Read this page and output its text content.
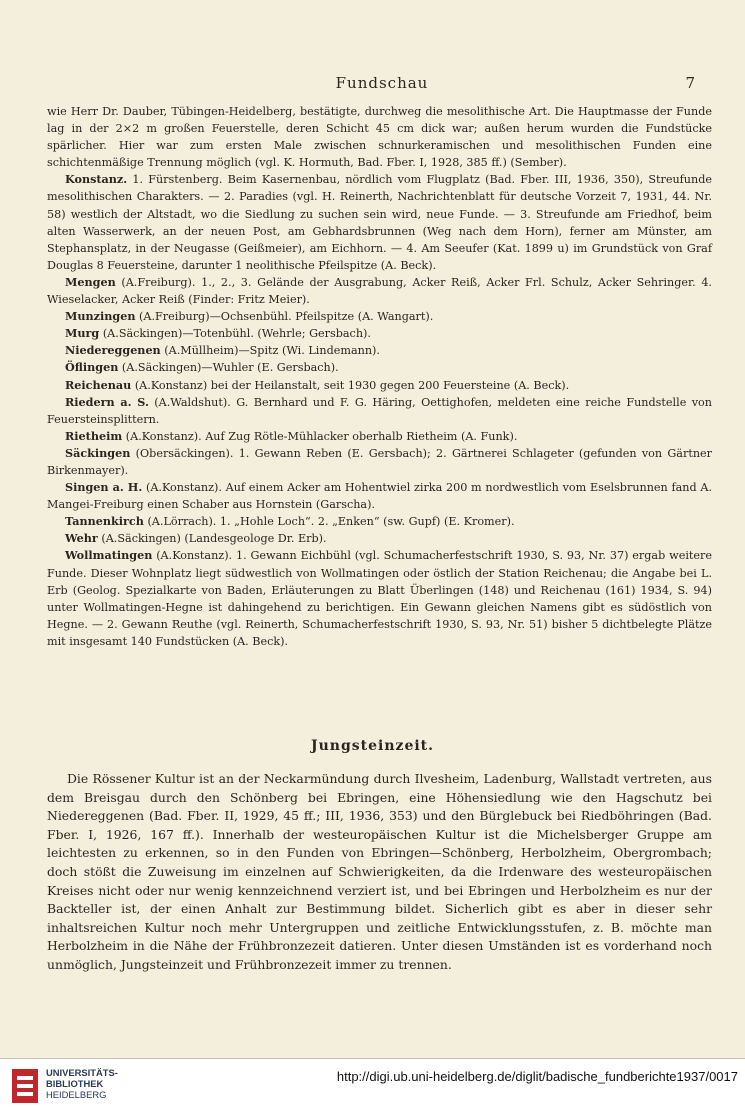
Fundschau	7

wie Herr Dr. Dauber, Tübingen-Heidelberg, bestätigte, durchweg die mesolithische Art. Die Hauptmasse der Funde lag in der 2×2 m großen Feuerstelle, deren Schicht 45 cm dick war; außen herum wurden die Fundstücke spärlicher. Hier war zum ersten Male zwischen schnurkeramischen und mesolithischen Funden eine schichtenmäßige Trennung möglich (vgl. K. Hormuth, Bad. Fber. I, 1928, 385 ff.) (Sember).

Konstanz. 1. Fürstenberg. Beim Kasernenbau, nördlich vom Flugplatz (Bad. Fber. III, 1936, 350), Streufunde mesolithischen Charakters. — 2. Paradies (vgl. H. Reinerth, Nachrichtenblatt für deutsche Vorzeit 7, 1931, 44. Nr. 58) westlich der Altstadt, wo die Siedlung zu suchen sein wird, neue Funde. — 3. Streufunde am Friedhof, beim alten Wasserwerk, an der neuen Post, am Gebhardsbrunnen (Weg nach dem Horn), ferner am Münster, am Stephansplatz, in der Neugasse (Geißmeier), am Eichhorn. — 4. Am Seeufer (Kat. 1899 u) im Grundstück von Graf Douglas 8 Feuersteine, darunter 1 neolithische Pfeilspitze (A. Beck).

Mengen (A.Freiburg). 1., 2., 3. Gelände der Ausgrabung, Acker Reiß, Acker Frl. Schulz, Acker Sehringer. 4. Wieselacker, Acker Reiß (Finder: Fritz Meier).

Munzingen (A.Freiburg)—Ochsenbühl. Pfeilspitze (A. Wangart).

Murg (A.Säckingen)—Totenbühl. (Wehrle; Gersbach).

Niedereggenen (A.Müllheim)—Spitz (Wi. Lindemann).

Öflingen (A.Säckingen)—Wuhler (E. Gersbach).

Reichenau (A.Konstanz) bei der Heilanstalt, seit 1930 gegen 200 Feuersteine (A. Beck).

Riedern a. S. (A.Waldshut). G. Bernhard und F. G. Häring, Oettighofen, meldeten eine reiche Fundstelle von Feuersteinsplittern.

Rietheim (A.Konstanz). Auf Zug Rötle-Mühlacker oberhalb Rietheim (A. Funk).

Säckingen (Obersäckingen). 1. Gewann Reben (E. Gersbach); 2. Gärtnerei Schlageter (gefunden von Gärtner Birkenmayer).

Singen a. H. (A.Konstanz). Auf einem Acker am Hohentwiel zirka 200 m nordwestlich vom Eselsbrunnen fand A. Mangei-Freiburg einen Schaber aus Hornstein (Garscha).

Tannenkirch (A.Lörrach). 1. „Hohle Loch“. 2. „Enken“ (sw. Gupf) (E. Kromer).

Wehr (A.Säckingen) (Landesgeologe Dr. Erb).

Wollmatingen (A.Konstanz). 1. Gewann Eichbühl (vgl. Schumacherfestschrift 1930, S. 93, Nr. 37) ergab weitere Funde. Dieser Wohnplatz liegt südwestlich von Wollmatingen oder östlich der Station Reichenau; die Angabe bei L. Erb (Geolog. Spezialkarte von Baden, Erläuterungen zu Blatt Überlingen (148) und Reichenau (161) 1934, S. 94) unter Wollmatingen-Hegne ist dahingehend zu berichtigen. Ein Gewann gleichen Namens gibt es südöstlich von Hegne. — 2. Gewann Reuthe (vgl. Reinerth, Schumacherfestschrift 1930, S. 93, Nr. 51) bisher 5 dichtbelegte Plätze mit insgesamt 140 Fundstücken (A. Beck).

Jungsteinzeit.

Die Rössener Kultur ist an der Neckarmündung durch Ilvesheim, Ladenburg, Wallstadt vertreten, aus dem Breisgau durch den Schönberg bei Ebringen, eine Höhensiedlung wie den Hagschutz bei Niedereggenen (Bad. Fber. II, 1929, 45 ff.; III, 1936, 353) und den Bürglebuck bei Riedböhringen (Bad. Fber. I, 1926, 167 ff.). Innerhalb der westeuropäischen Kultur ist die Michelsberger Gruppe am leichtesten zu erkennen, so in den Funden von Ebringen—Schönberg, Herbolzheim, Obergrombach; doch stößt die Zuweisung im einzelnen auf Schwierigkeiten, da die Irdenware des westeuropäischen Kreises nicht oder nur wenig kennzeichnend verziert ist, und bei Ebringen und Herbolzheim es nur der Backteller ist, der einen Anhalt zur Bestimmung bildet. Sicherlich gibt es aber in dieser sehr inhaltsreichen Kultur noch mehr Untergruppen und zeitliche Entwicklungsstufen, z. B. möchte man Herbolzheim in die Nähe der Frühbronzezeit datieren. Unter diesen Umständen ist es vorderhand noch unmöglich, Jungsteinzeit und Frühbronzezeit immer zu trennen.

UNIVERSITÄTS-
BIBLIOTHEK
HEIDELBERG
http://digi.ub.uni-heidelberg.de/diglit/badische_fundberichte1937/0017
